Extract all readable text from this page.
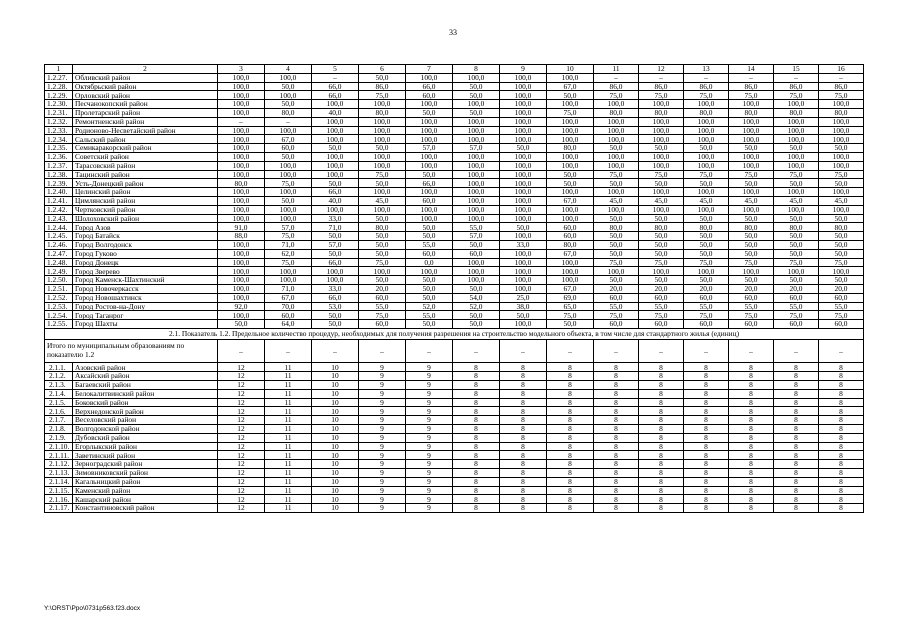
33
1	2	3	4	5	6	7	8	9	10	11	12	13	14	15	16
1.2.27.	Обливский район	100,0	100,0	–	50,0	100,0	100,0	100,0	100,0	–	–	–	–	–	–
1.2.28.	Октябрьский район	100,0	50,0	66,0	86,0	66,0	50,0	100,0	67,0	86,0	86,0	86,0	86,0	86,0	86,0
1.2.29.	Орловский район	100,0	100,0	66,0	75,0	60,0	50,0	100,0	50,0	75,0	75,0	75,0	75,0	75,0	75,0
1.2.30.	Песчанокопский район	100,0	50,0	100,0	100,0	100,0	100,0	100,0	100,0	100,0	100,0	100,0	100,0	100,0	100,0
1.2.31.	Пролетарский район	100,0	80,0	40,0	80,0	50,0	50,0	100,0	75,0	80,0	80,0	80,0	80,0	80,0	80,0
1.2.32.	Ремонтненский район	–	–	100,0	100,0	100,0	100,0	100,0	100,0	100,0	100,0	100,0	100,0	100,0	100,0
1.2.33.	Родионово-Несветайский район	100,0	100,0	100,0	100,0	100,0	100,0	100,0	100,0	100,0	100,0	100,0	100,0	100,0	100,0
1.2.34.	Сальский район	100,0	67,0	100,0	100,0	100,0	100,0	100,0	100,0	100,0	100,0	100,0	100,0	100,0	100,0
1.2.35.	Семикаракорский район	100,0	60,0	50,0	50,0	57,0	57,0	50,0	80,0	50,0	50,0	50,0	50,0	50,0	50,0
1.2.36.	Советский район	100,0	50,0	100,0	100,0	100,0	100,0	100,0	100,0	100,0	100,0	100,0	100,0	100,0	100,0
1.2.37.	Тарасовский район	100,0	100,0	100,0	100,0	100,0	100,0	100,0	100,0	100,0	100,0	100,0	100,0	100,0	100,0
1.2.38.	Тацинский район	100,0	100,0	100,0	75,0	50,0	100,0	100,0	50,0	75,0	75,0	75,0	75,0	75,0	75,0
1.2.39.	Усть-Донецкий район	80,0	75,0	50,0	50,0	66,0	100,0	100,0	50,0	50,0	50,0	50,0	50,0	50,0	50,0
1.2.40.	Целинский район	100,0	100,0	66,0	100,0	100,0	100,0	100,0	100,0	100,0	100,0	100,0	100,0	100,0	100,0
1.2.41.	Цимлянский район	100,0	50,0	40,0	45,0	60,0	100,0	100,0	67,0	45,0	45,0	45,0	45,0	45,0	45,0
1.2.42.	Чертковский район	100,0	100,0	100,0	100,0	100,0	100,0	100,0	100,0	100,0	100,0	100,0	100,0	100,0	100,0
1.2.43.	Шолоховский район	100,0	100,0	33,0	50,0	100,0	100,0	100,0	100,0	50,0	50,0	50,0	50,0	50,0	50,0
1.2.44.	Город Азов	91,0	57,0	71,0	80,0	50,0	55,0	50,0	60,0	80,0	80,0	80,0	80,0	80,0	80,0
1.2.45.	Город Батайск	88,0	75,0	50,0	50,0	50,0	57,0	100,0	60,0	50,0	50,0	50,0	50,0	50,0	50,0
1.2.46.	Город Волгодонск	100,0	71,0	57,0	50,0	55,0	50,0	33,0	80,0	50,0	50,0	50,0	50,0	50,0	50,0
1.2.47.	Город Гуково	100,0	62,0	50,0	50,0	60,0	60,0	100,0	67,0	50,0	50,0	50,0	50,0	50,0	50,0
1.2.48.	Город Донецк	100,0	75,0	66,0	75,0	0,0	100,0	100,0	100,0	75,0	75,0	75,0	75,0	75,0	75,0
1.2.49.	Город Зверево	100,0	100,0	100,0	100,0	100,0	100,0	100,0	100,0	100,0	100,0	100,0	100,0	100,0	100,0
1.2.50.	Город Каменск-Шахтинский	100,0	100,0	100,0	50,0	50,0	100,0	100,0	100,0	50,0	50,0	50,0	50,0	50,0	50,0
1.2.51.	Город Новочеркасск	100,0	71,0	33,0	20,0	50,0	50,0	100,0	67,0	20,0	20,0	20,0	20,0	20,0	20,0
1.2.52.	Город Новошахтинск	100,0	67,0	66,0	60,0	50,0	54,0	25,0	69,0	60,0	60,0	60,0	60,0	60,0	60,0
1.2.53.	Город Ростов-на-Дону	92,0	70,0	53,0	55,0	52,0	52,0	38,0	65,0	55,0	55,0	55,0	55,0	55,0	55,0
1.2.54.	Город Таганрог	100,0	60,0	50,0	75,0	55,0	50,0	50,0	75,0	75,0	75,0	75,0	75,0	75,0	75,0
1.2.55.	Город Шахты	50,0	64,0	50,0	60,0	50,0	50,0	100,0	50,0	60,0	60,0	60,0	60,0	60,0	60,0
2.1. Показатель 1.2. Предельное количество процедур, необходимых для получения разрешения на строительство модельного объекта, в том числе для стандартного жилья (единиц)															
Итого по муниципальным образованиям по показателю 1.2		–	–	–	–	–	–	–	–	–	–	–	–	–	–
2.1.1.	Азовский район	12	11	10	9	9	8	8	8	8	8	8	8	8	8
2.1.2.	Аксайский район	12	11	10	9	9	8	8	8	8	8	8	8	8	8
2.1.3.	Багаевский район	12	11	10	9	9	8	8	8	8	8	8	8	8	8
2.1.4.	Белокалитвинский район	12	11	10	9	9	8	8	8	8	8	8	8	8	8
2.1.5.	Боковский район	12	11	10	9	9	8	8	8	8	8	8	8	8	8
2.1.6.	Верхнедонской район	12	11	10	9	9	8	8	8	8	8	8	8	8	8
2.1.7.	Веселовский район	12	11	10	9	9	8	8	8	8	8	8	8	8	8
2.1.8.	Волгодонской район	12	11	10	9	9	8	8	8	8	8	8	8	8	8
2.1.9.	Дубовский район	12	11	10	9	9	8	8	8	8	8	8	8	8	8
2.1.10.	Егорлыкский район	12	11	10	9	9	8	8	8	8	8	8	8	8	8
2.1.11.	Заветинский район	12	11	10	9	9	8	8	8	8	8	8	8	8	8
2.1.12.	Зерноградский район	12	11	10	9	9	8	8	8	8	8	8	8	8	8
2.1.13.	Зимовниковский район	12	11	10	9	9	8	8	8	8	8	8	8	8	8
2.1.14.	Кагальницкий район	12	11	10	9	9	8	8	8	8	8	8	8	8	8
2.1.15.	Каменский район	12	11	10	9	9	8	8	8	8	8	8	8	8	8
2.1.16.	Кашарский район	12	11	10	9	9	8	8	8	8	8	8	8	8	8
2.1.17.	Константиновский район	12	11	10	9	9	8	8	8	8	8	8	8	8	8
Y:\ORST\Ppo\0731p563.f23.docx
